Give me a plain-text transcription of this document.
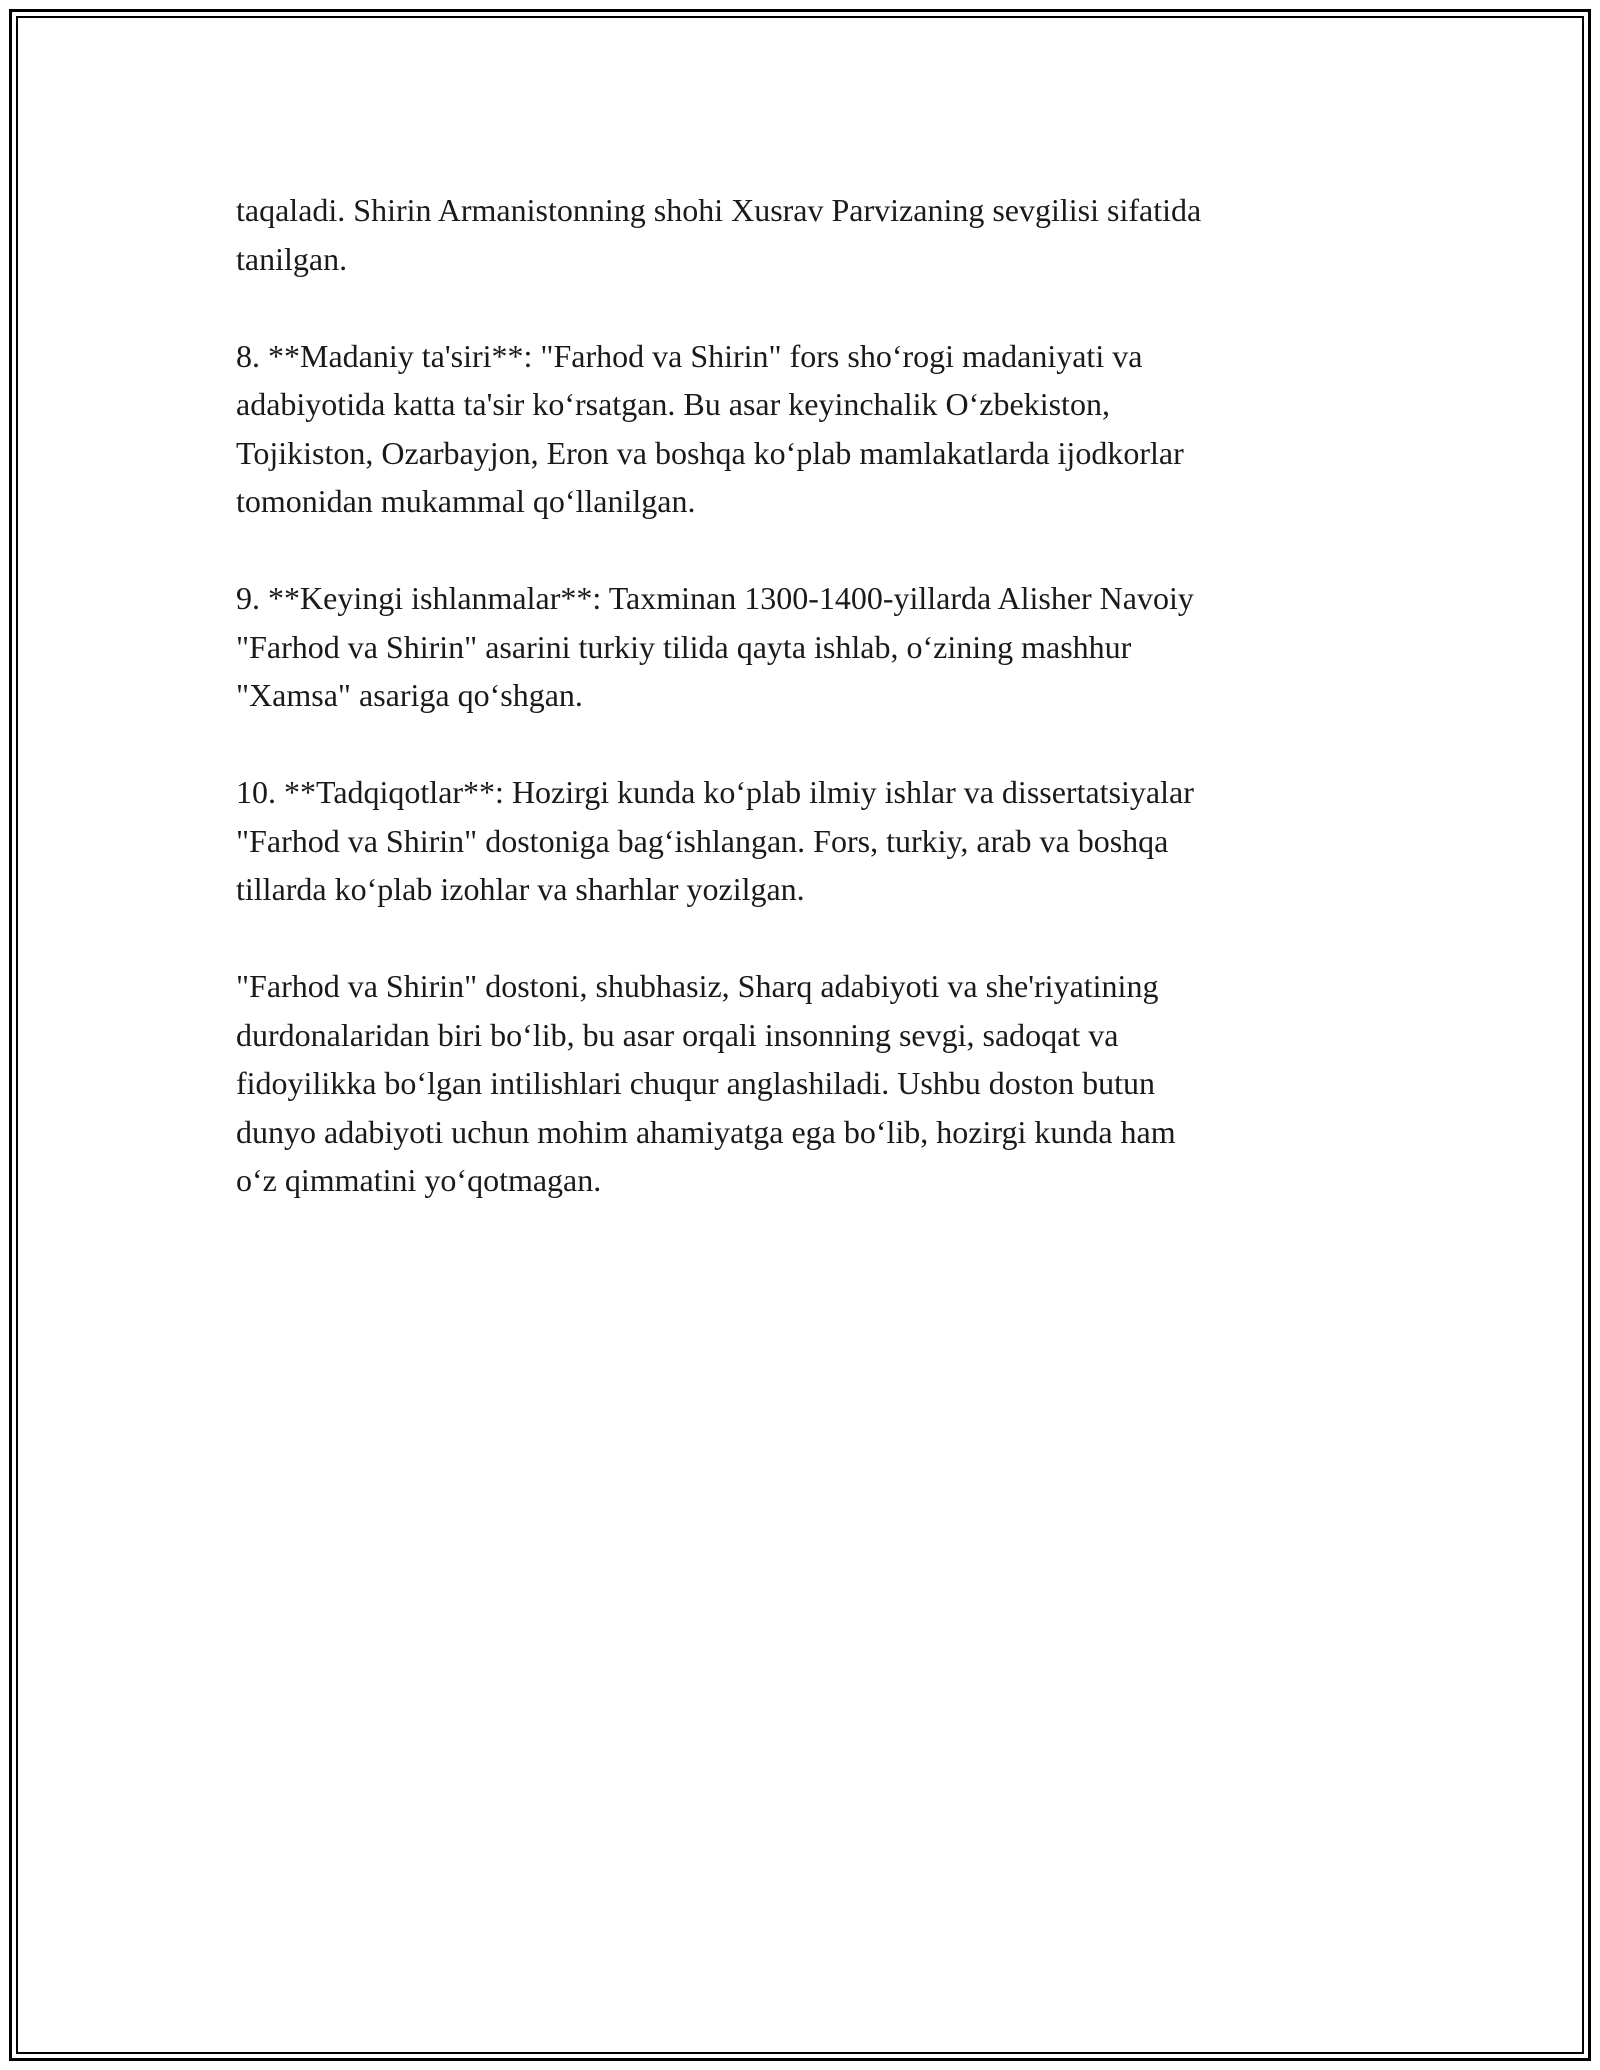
taqaladi. Shirin Armanistonning shohi Xusrav Parvizaning sevgilisi sifatida
tanilgan.

8. **Madaniy ta'siri**: "Farhod va Shirin" fors sho‘rogi madaniyati va
adabiyotida katta ta'sir ko‘rsatgan. Bu asar keyinchalik O‘zbekiston,
Tojikiston, Ozarbayjon, Eron va boshqa ko‘plab mamlakatlarda ijodkorlar
tomonidan mukammal qo‘llanilgan.

9. **Keyingi ishlanmalar**: Taxminan 1300-1400-yillarda Alisher Navoiy
"Farhod va Shirin" asarini turkiy tilida qayta ishlab, o‘zining mashhur
"Xamsa" asariga qo‘shgan.

10. **Tadqiqotlar**: Hozirgi kunda ko‘plab ilmiy ishlar va dissertatsiyalar
"Farhod va Shirin" dostoniga bag‘ishlangan. Fors, turkiy, arab va boshqa
tillarda ko‘plab izohlar va sharhlar yozilgan.

"Farhod va Shirin" dostoni, shubhasiz, Sharq adabiyoti va she'riyatining
durdonalaridan biri bo‘lib, bu asar orqali insonning sevgi, sadoqat va
fidoyilikka bo‘lgan intilishlari chuqur anglashiladi. Ushbu doston butun
dunyo adabiyoti uchun mohim ahamiyatga ega bo‘lib, hozirgi kunda ham
o‘z qimmatini yo‘qotmagan.
